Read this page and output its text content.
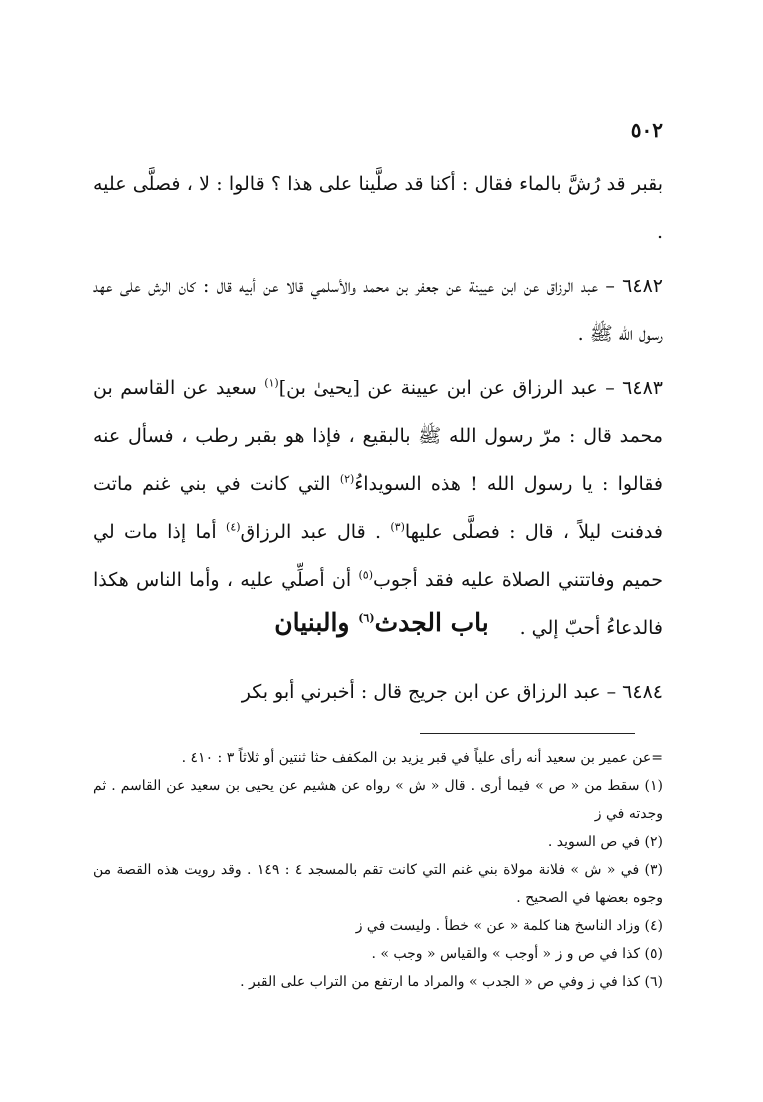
٥٠٢

بقبر قد رُشَّ بالماء فقال : أكنا قد صلَّينا على هذا ؟ قالوا : لا ، فصلَّى عليه .

٦٤٨٢ – عبد الرزاق عن ابن عيينة عن جعفر بن محمد والأسلمي قالا عن أبيه قال : كان الرش على عهد رسول الله ﷺ .

٦٤٨٣ – عبد الرزاق عن ابن عيينة عن [يحيىٰ بن]$^{(١)}$ سعيد عن القاسم بن محمد قال : مرّ رسول الله ﷺ بالبقيع ، فإذا هو بقبر رطب ، فسأل عنه فقالوا : يا رسول الله ! هذه السويداءُ$^{(٢)}$ التي كانت في بني غنم ماتت فدفنت ليلاً ، قال : فصلَّى عليها$^{(٣)}$ . قال عبد الرزاق$^{(٤)}$ أما إذا مات لي حميم وفاتتني الصلاة عليه فقد أجوب$^{(٥)}$ أن أصلِّي عليه ، وأما الناس هكذا فالدعاءُ أحبّ إلي .

باب الجدث$^{(٦)}$ والبنيان

٦٤٨٤ – عبد الرزاق عن ابن جريج قال : أخبرني أبو بكر

=عن عمير بن سعيد أنه رأى علياً في قبر يزيد بن المكفف حثا ثنتين أو ثلاثاً ٣ : ٤١٠ .

(١) سقط من « ص » فيما أرى . قال « ش » رواه عن هشيم عن يحيى بن سعيد عن القاسم . ثم وجدته في ز

(٢) في ص السويد .

(٣) في « ش » فلانة مولاة بني غنم التي كانت تقم بالمسجد ٤ : ١٤٩ . وقد رويت هذه القصة من وجوه بعضها في الصحيح .

(٤) وزاد الناسخ هنا كلمة « عن » خطأ . وليست في ز

(٥) كذا في ص و ز « أوجب » والقياس « وجب » .

(٦) كذا في ز وفي ص « الجدب » والمراد ما ارتفع من التراب على القبر .
